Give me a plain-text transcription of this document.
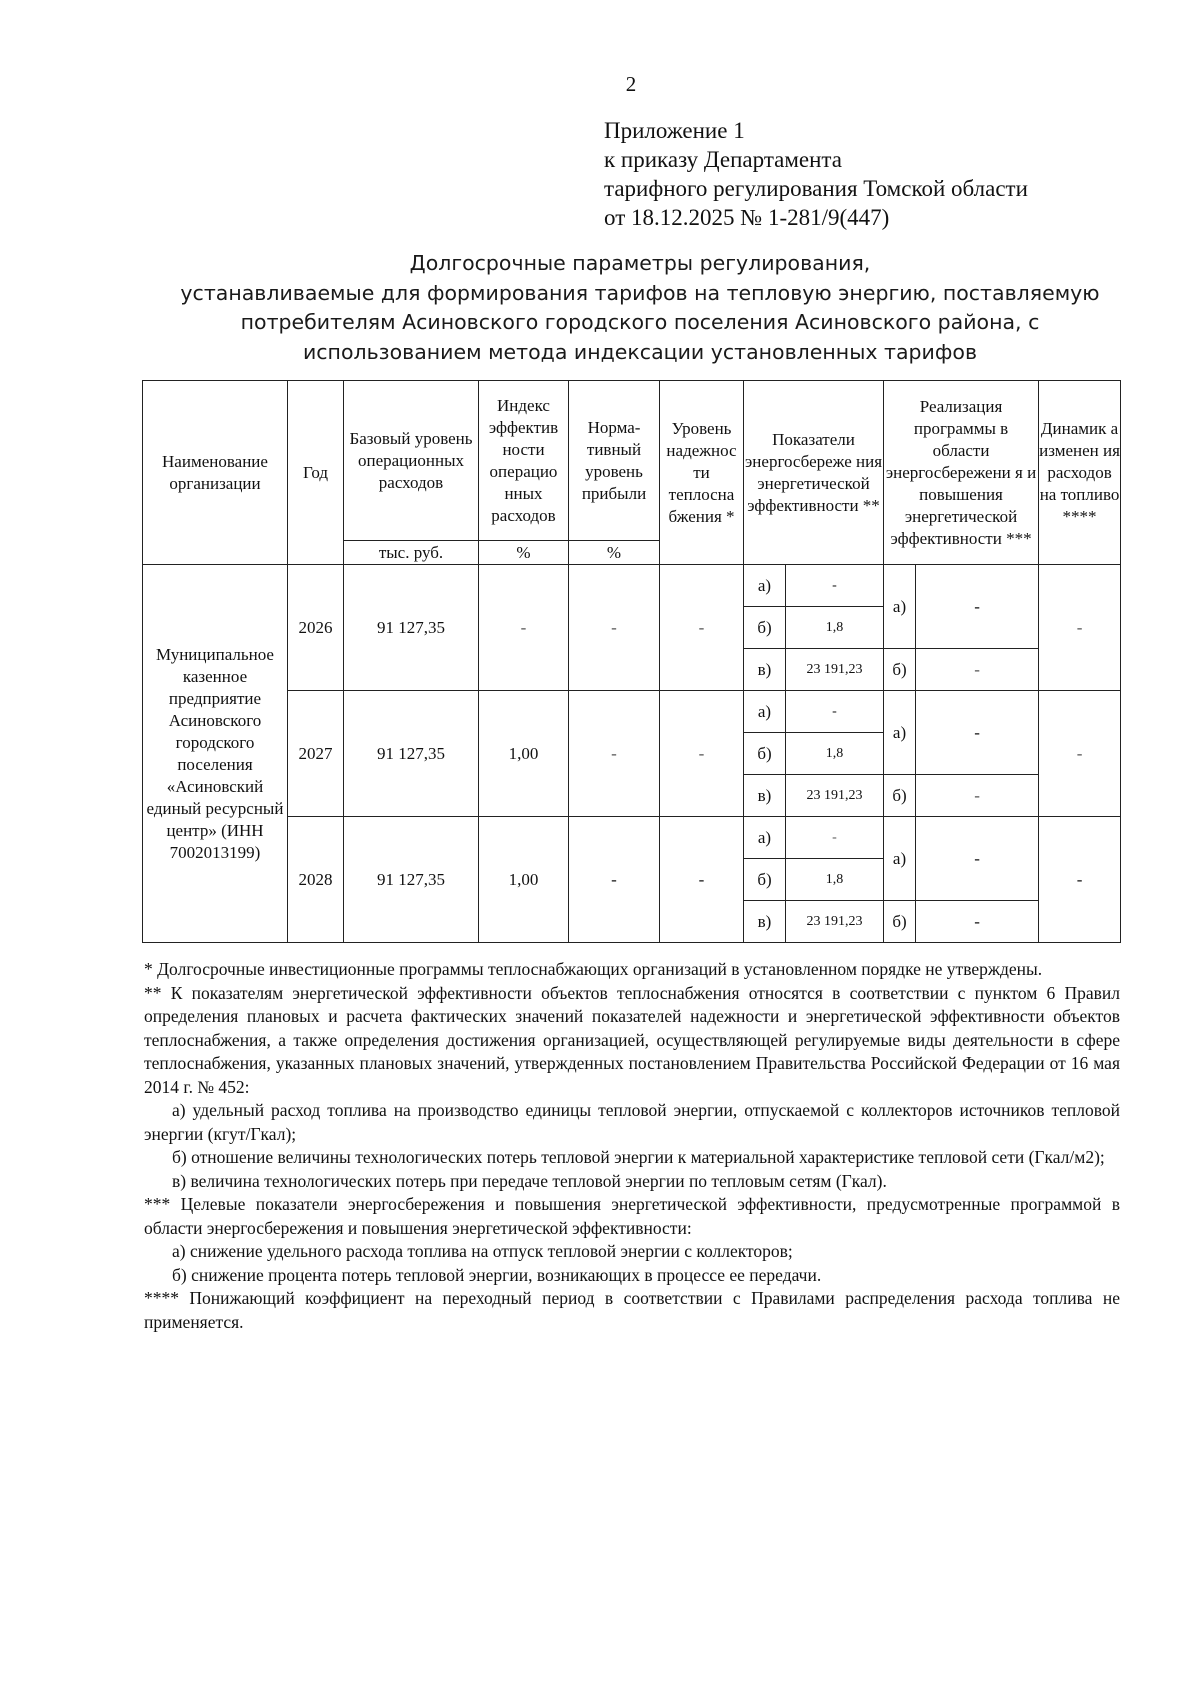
2
Приложение 1
к приказу Департамента
тарифного регулирования Томской области
от 18.12.2025 № 1-281/9(447)
Долгосрочные параметры регулирования,
устанавливаемые для формирования тарифов на тепловую энергию, поставляемую
потребителям Асиновского городского поселения Асиновского района, с
использованием метода индексации установленных тарифов
Наименование организации	Год	Базовый уровень операционных расходов	Индекс эффектив ности операцио нных расходов	Норма-тивный уровень прибыли	Уровень надежнос ти теплосна бжения *	Показатели энергосбереже ния энергетической эффективности **		Реализация программы в области энергосбережени я и повышения энергетической эффективности ***		Динамик а изменен ия расходов на топливо ****
		тыс. руб.	%	%						
Муниципальное казенное предприятие Асиновского городского поселения «Асиновский единый ресурсный центр» (ИНН 7002013199)	2026	91 127,35	-	-	-	а)	-	а)	-	-
						б)	1,8			
						в)	23 191,23	б)	-	
	2027	91 127,35	1,00	-	-	а)	-	а)	-	-
						б)	1,8			
						в)	23 191,23	б)	-	
	2028	91 127,35	1,00	-	-	а)	-	а)	-	-
						б)	1,8			
						в)	23 191,23	б)	-	

* Долгосрочные инвестиционные программы теплоснабжающих организаций в установленном порядке не утверждены.

** К показателям энергетической эффективности объектов теплоснабжения относятся в соответствии с пунктом 6 Правил определения плановых и расчета фактических значений показателей надежности и энергетической эффективности объектов теплоснабжения, а также определения достижения организацией, осуществляющей регулируемые виды деятельности в сфере теплоснабжения, указанных плановых значений, утвержденных постановлением Правительства Российской Федерации от 16 мая 2014 г. № 452:

а) удельный расход топлива на производство единицы тепловой энергии, отпускаемой с коллекторов источников тепловой энергии (кгут/Гкал);

б) отношение величины технологических потерь тепловой энергии к материальной характеристике тепловой сети (Гкал/м2);

в) величина технологических потерь при передаче тепловой энергии по тепловым сетям (Гкал).

*** Целевые показатели энергосбережения и повышения энергетической эффективности, предусмотренные программой в области энергосбережения и повышения энергетической эффективности:

а) снижение удельного расхода топлива на отпуск тепловой энергии с коллекторов;

б) снижение процента потерь тепловой энергии, возникающих в процессе ее передачи.

**** Понижающий коэффициент на переходный период в соответствии с Правилами распределения расхода топлива не применяется.
